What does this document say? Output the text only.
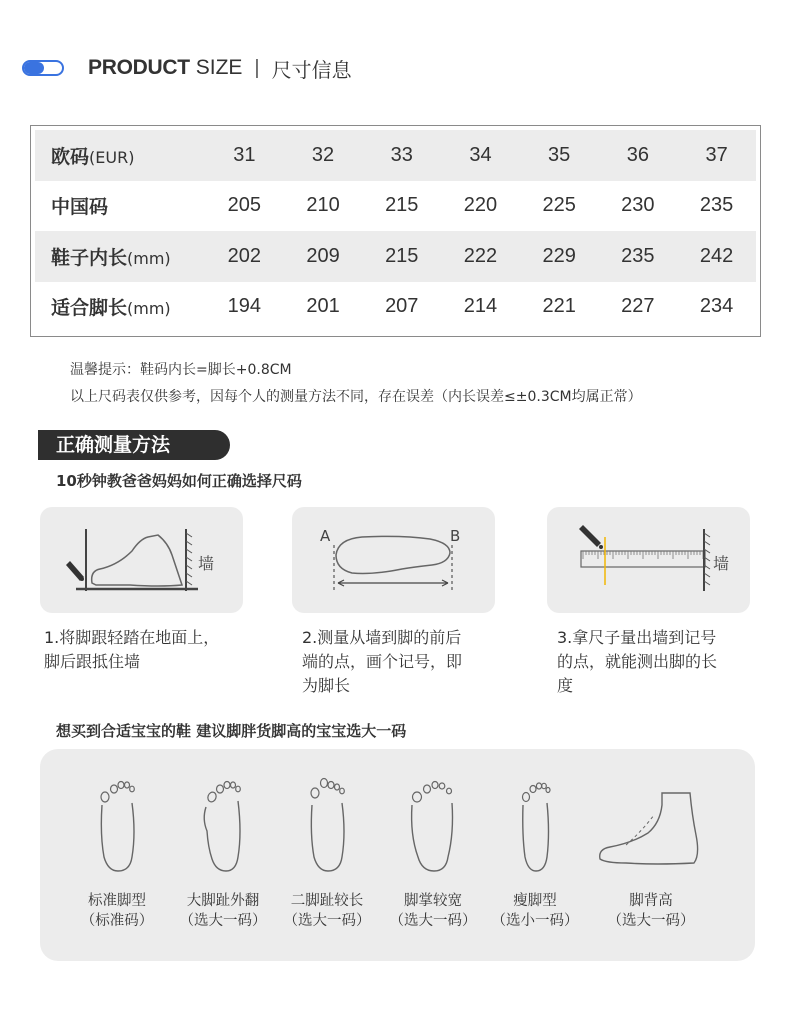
PRODUCT SIZE | 尺寸信息
欧码(EUR)	31	32	33	34	35	36	37
中国码	205	210	215	220	225	230	235
鞋子内长(mm)	202	209	215	222	229	235	242
适合脚长(mm)	194	201	207	214	221	227	234
温馨提示：鞋码内长=脚长+0.8CM
以上尺码表仅供参考，因每个人的测量方法不同，存在误差（内长误差≤±0.3CM均属正常）
正确测量方法
10秒钟教爸爸妈妈如何正确选择尺码
墙
A	B
墙
1.将脚跟轻踏在地面上，
脚后跟抵住墙
2.测量从墙到脚的前后
端的点，画个记号，即
为脚长
3.拿尺子量出墙到记号
的点，就能测出脚的长
度
想买到合适宝宝的鞋 建议脚胖货脚高的宝宝选大一码
标准脚型
（标准码）
大脚趾外翻
（选大一码）
二脚趾较长
（选大一码）
脚掌较宽
（选大一码）
瘦脚型
（选小一码）
脚背高
（选大一码）
